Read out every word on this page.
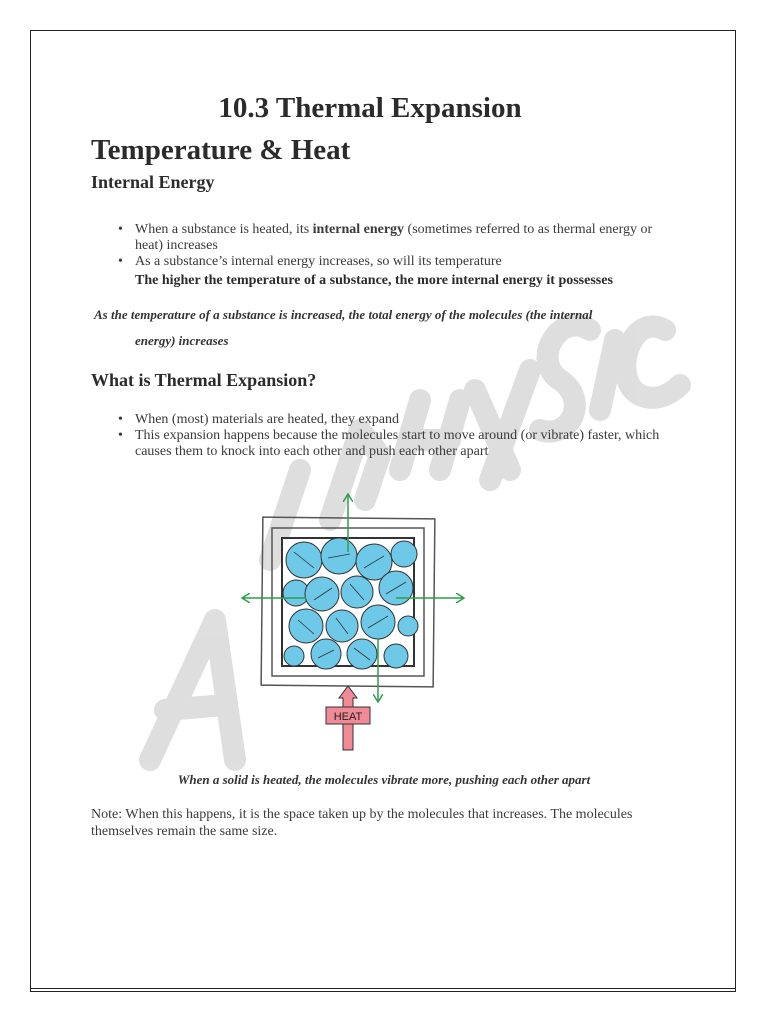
10.3 Thermal Expansion
Temperature & Heat
Internal Energy
• When a substance is heated, its internal energy (sometimes referred to as thermal energy or heat) increases
• As a substance’s internal energy increases, so will its temperature
The higher the temperature of a substance, the more internal energy it possesses
As the temperature of a substance is increased, the total energy of the molecules (the internal
energy) increases
What is Thermal Expansion?
• When (most) materials are heated, they expand
• This expansion happens because the molecules start to move around (or vibrate) faster, which causes them to knock into each other and push each other apart
HEAT
When a solid is heated, the molecules vibrate more, pushing each other apart
Note: When this happens, it is the space taken up by the molecules that increases. The molecules themselves remain the same size.
